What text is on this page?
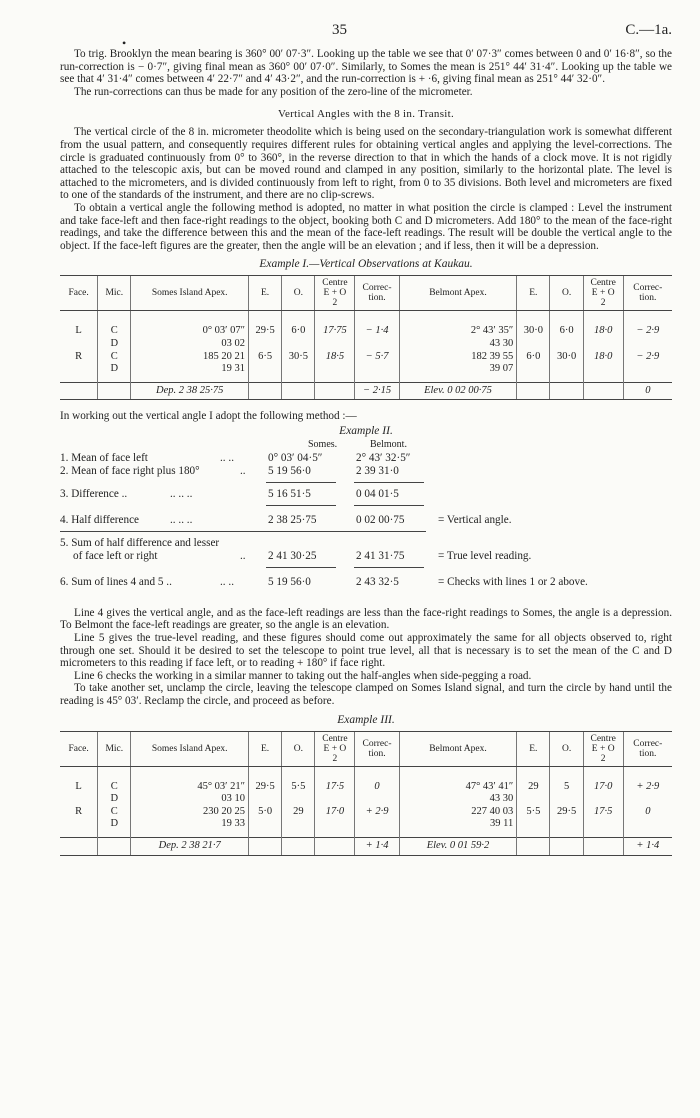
•
35	C.—1a.

To trig. Brooklyn the mean bearing is 360° 00′ 07·3″. Looking up the table we see that 0′ 07·3″ comes between 0 and 0′ 16·8″, so the run-correction is − 0·7″, giving final mean as 360° 00′ 07·0″. Similarly, to Somes the mean is 251° 44′ 31·4″. Looking up the table we see that 4′ 31·4″ comes between 4′ 22·7″ and 4′ 43·2″, and the run-correction is + ·6, giving final mean as 251° 44′ 32·0″.

The run-corrections can thus be made for any position of the zero-line of the micrometer.

Vertical Angles with the 8 in. Transit.

The vertical circle of the 8 in. micrometer theodolite which is being used on the secondary-triangulation work is somewhat different from the usual pattern, and consequently requires different rules for obtaining vertical angles and applying the level-corrections. The circle is graduated continuously from 0° to 360°, in the reverse direction to that in which the hands of a clock move. It is not rigidly attached to the telescopic axis, but can be moved round and clamped in any position, similarly to the horizontal plate. The level is attached to the micrometers, and is divided continuously from left to right, from 0 to 35 divisions. Both level and micrometers are fixed to one of the standards of the instrument, and there are no clip-screws.

To obtain a vertical angle the following method is adopted, no matter in what position the circle is clamped : Level the instrument and take face-left and then face-right readings to the object, booking both C and D micrometers. Add 180° to the mean of the face-right readings, and take the difference between this and the mean of the face-left readings. The result will be double the vertical angle to the object. If the face-left figures are the greater, then the angle will be an elevation ; and if less, then it will be a depression.

Example I.—Vertical Observations at Kaukau.
Face.	Mic.	Somes Island Apex.	E.	O.	Centre
E + O
2	Correc-
tion.	Belmont Apex.	E.	O.	Centre
E + O
2	Correc-
tion.
L	C	0° 03′ 07″	29·5	6·0	17·75	− 1·4	2° 43′ 35″	30·0	6·0	18·0	− 2·9
	D	03 02					43 30				
R	C	185 20 21	6·5	30·5	18·5	− 5·7	182 39 55	6·0	30·0	18·0	− 2·9
	D	19 31					39 07				
		Dep. 2 38 25·75				− 2·15	Elev. 0 02 00·75				0

In working out the vertical angle I adopt the following method :—

Example II.
Somes.	Belmont.
1. Mean of face left	.. ..	0° 03′ 04·5″	2° 43′ 32·5″
2. Mean of face right plus 180°	.. 5 19 56·0	2 39 31·0
3. Difference ..	.. .. ..	5 16 51·5	0 04 01·5
4. Half difference	.. .. ..	2 38 25·75	0 02 00·75	= Vertical angle.
5. Sum of half difference and lesser
of face left or right	.. 2 41 30·25	2 41 31·75	= True level reading.
6. Sum of lines 4 and 5 ..	.. ..	5 19 56·0	2 43 32·5	= Checks with lines 1 or 2 above.

Line 4 gives the vertical angle, and as the face-left readings are less than the face-right readings to Somes, the angle is a depression. To Belmont the face-left readings are greater, so the angle is an elevation.

Line 5 gives the true-level reading, and these figures should come out approximately the same for all objects observed to, right through one set. Should it be desired to set the telescope to point true level, all that is necessary is to set the mean of the C and D micrometers to this reading if face left, or to reading + 180° if face right.

Line 6 checks the working in a similar manner to taking out the half-angles when side-pegging a road.

To take another set, unclamp the circle, leaving the telescope clamped on Somes Island signal, and turn the circle by hand until the reading is 45° 03′. Reclamp the circle, and proceed as before.

Example III.
Face.	Mic.	Somes Island Apex.	E.	O.	Centre
E + O
2	Correc-
tion.	Belmont Apex.	E.	O.	Centre
E + O
2	Correc-
tion.
L	C	45° 03′ 21″	29·5	5·5	17·5	0	47° 43′ 41″	29	5	17·0	+ 2·9
	D	03 10					43 30				
R	C	230 20 25	5·0	29	17·0	+ 2·9	227 40 03	5·5	29·5	17·5	0
	D	19 33					39 11				
		Dep. 2 38 21·7				+ 1·4	Elev. 0 01 59·2				+ 1·4
